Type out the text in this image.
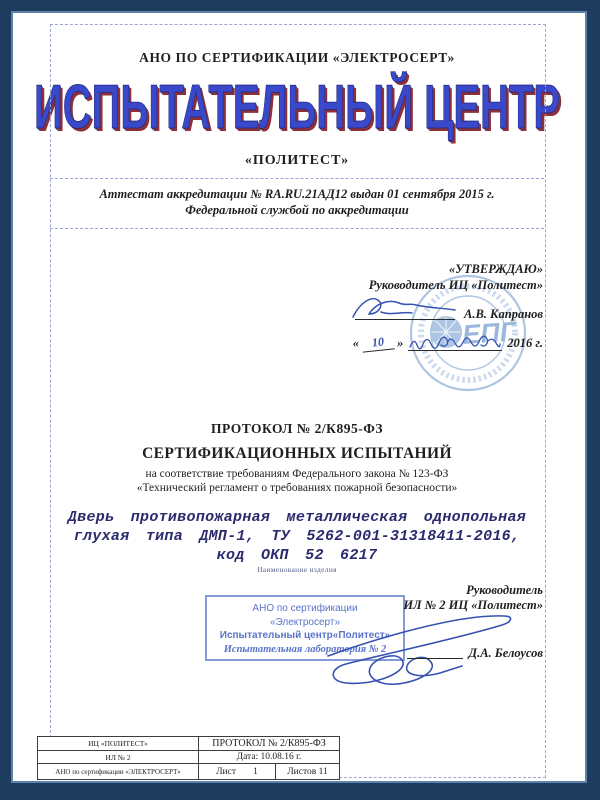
АНО ПО СЕРТИФИКАЦИИ «ЭЛЕКТРОСЕРТ»
ИСПЫТАТЕЛЬНЫЙ ЦЕНТР
«ПОЛИТЕСТ»
Аттестат аккредитации № RA.RU.21АД12 выдан 01 сентября 2015 г.
Федеральной службой по аккредитации
ЕПГ
«УТВЕРЖДАЮ»
Руководитель ИЦ «Политест»
А.В. Капранов
«	10 »	2016 г.
ПРОТОКОЛ № 2/К895-ФЗ
СЕРТИФИКАЦИОННЫХ ИСПЫТАНИЙ
на соответствие требованиям Федерального закона № 123-ФЗ
«Технический регламент о требованиях пожарной безопасности»
Дверь противопожарная металлическая однопольная
глухая типа ДМП-1, ТУ 5262-001-31318411-2016,
код ОКП 52 6217
Наименование изделия
АНО по сертификации
«Электросерт»
Испытательный центр«Политест»
Испытательная лаборатория № 2
Руководитель
ИЛ № 2 ИЦ «Политест»
Д.А. Белоусов
ИЦ «ПОЛИТЕСТ»	ПРОТОКОЛ № 2/К895-ФЗ
ИЛ № 2	Дата: 10.08.16 г.
АНО по сертификации «ЭЛЕКТРОСЕРТ»	Лист 1	Листов 11
